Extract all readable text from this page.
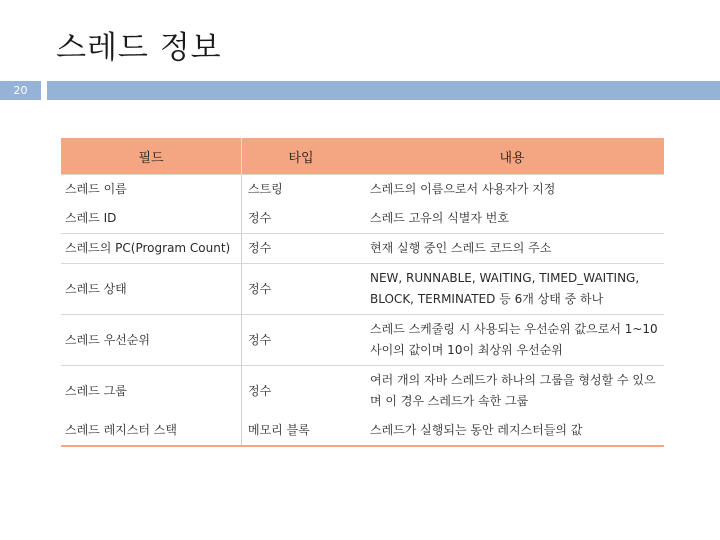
스레드 정보
20
필드	타입	내용
스레드 이름	스트링	스레드의 이름으로서 사용자가 지정
스레드 ID	정수	스레드 고유의 식별자 번호
스레드의 PC(Program Count)	정수	현재 실행 중인 스레드 코드의 주소
스레드 상태	정수	NEW, RUNNABLE, WAITING, TIMED_WAITING, BLOCK, TERMINATED 등 6개 상태 중 하나
스레드 우선순위	정수	스레드 스케줄링 시 사용되는 우선순위 값으로서 1~10 사이의 값이며 10이 최상위 우선순위
스레드 그룹	정수	여러 개의 자바 스레드가 하나의 그룹을 형성할 수 있으며 이 경우 스레드가 속한 그룹
스레드 레지스터 스택	메모리 블록	스레드가 실행되는 동안 레지스터들의 값
